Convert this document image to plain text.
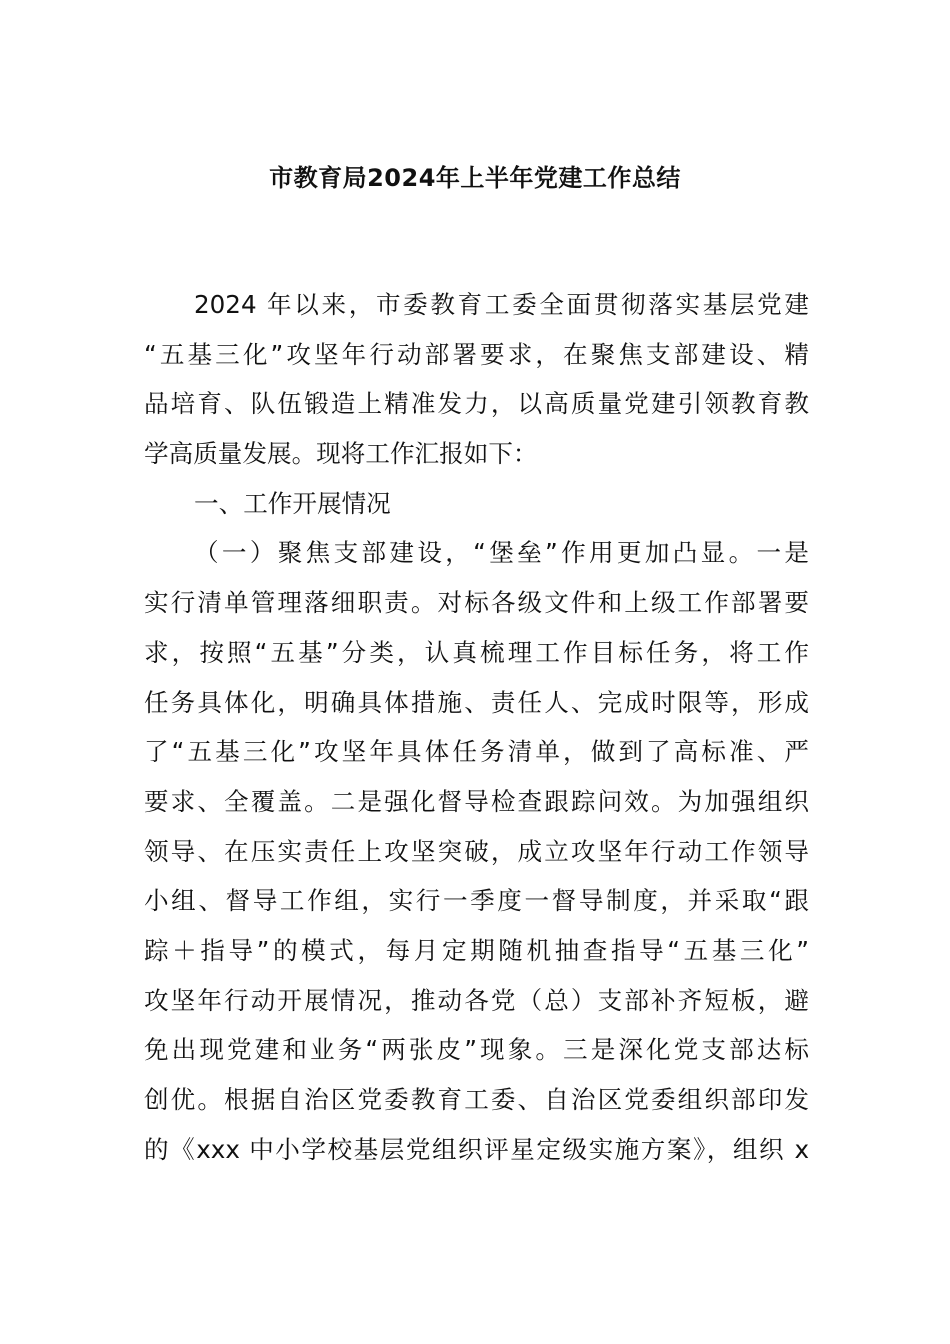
市教育局2024年上半年党建工作总结
2024 年以来，市委教育工委全面贯彻落实基层党建
“五基三化”攻坚年行动部署要求，在聚焦支部建设、精
品培育、队伍锻造上精准发力，以高质量党建引领教育教
学高质量发展。现将工作汇报如下：
一、工作开展情况
（一）聚焦支部建设，“堡垒”作用更加凸显。一是
实行清单管理落细职责。对标各级文件和上级工作部署要
求，按照“五基”分类，认真梳理工作目标任务，将工作
任务具体化，明确具体措施、责任人、完成时限等，形成
了“五基三化”攻坚年具体任务清单，做到了高标准、严
要求、全覆盖。二是强化督导检查跟踪问效。为加强组织
领导、在压实责任上攻坚突破，成立攻坚年行动工作领导
小组、督导工作组，实行一季度一督导制度，并采取“跟
踪＋指导”的模式，每月定期随机抽查指导“五基三化”
攻坚年行动开展情况，推动各党（总）支部补齐短板，避
免出现党建和业务“两张皮”现象。三是深化党支部达标
创优。根据自治区党委教育工委、自治区党委组织部印发
的《xxx 中小学校基层党组织评星定级实施方案》，组织 x
